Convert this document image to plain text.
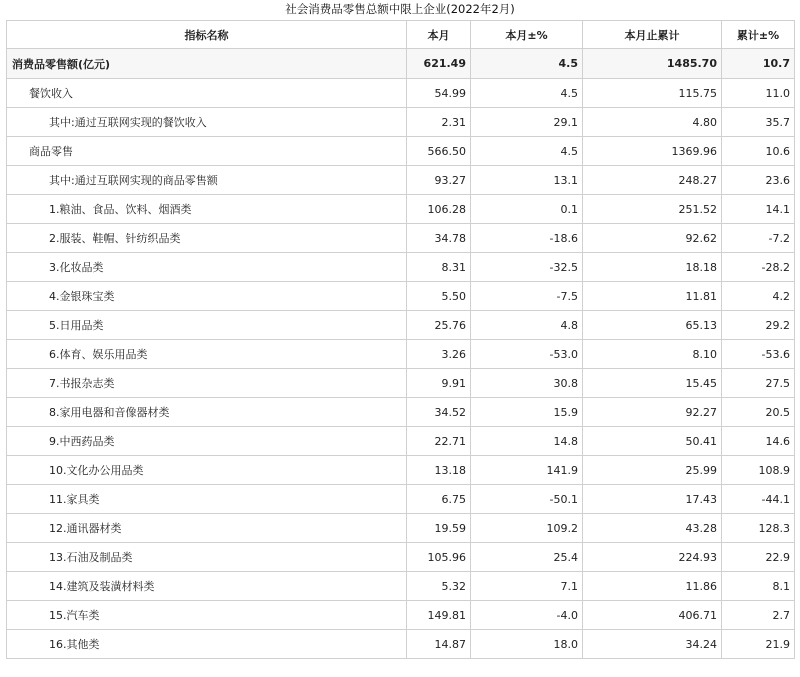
社会消费品零售总额中限上企业(2022年2月)
指标名称	本月	本月±%	本月止累计	累计±%
消费品零售额(亿元)	621.49	4.5	1485.70	10.7
餐饮收入	54.99	4.5	115.75	11.0
其中:通过互联网实现的餐饮收入	2.31	29.1	4.80	35.7
商品零售	566.50	4.5	1369.96	10.6
其中:通过互联网实现的商品零售额	93.27	13.1	248.27	23.6
1.粮油、食品、饮料、烟酒类	106.28	0.1	251.52	14.1
2.服装、鞋帽、针纺织品类	34.78	-18.6	92.62	-7.2
3.化妆品类	8.31	-32.5	18.18	-28.2
4.金银珠宝类	5.50	-7.5	11.81	4.2
5.日用品类	25.76	4.8	65.13	29.2
6.体育、娱乐用品类	3.26	-53.0	8.10	-53.6
7.书报杂志类	9.91	30.8	15.45	27.5
8.家用电器和音像器材类	34.52	15.9	92.27	20.5
9.中西药品类	22.71	14.8	50.41	14.6
10.文化办公用品类	13.18	141.9	25.99	108.9
11.家具类	6.75	-50.1	17.43	-44.1
12.通讯器材类	19.59	109.2	43.28	128.3
13.石油及制品类	105.96	25.4	224.93	22.9
14.建筑及装潢材料类	5.32	7.1	11.86	8.1
15.汽车类	149.81	-4.0	406.71	2.7
16.其他类	14.87	18.0	34.24	21.9
